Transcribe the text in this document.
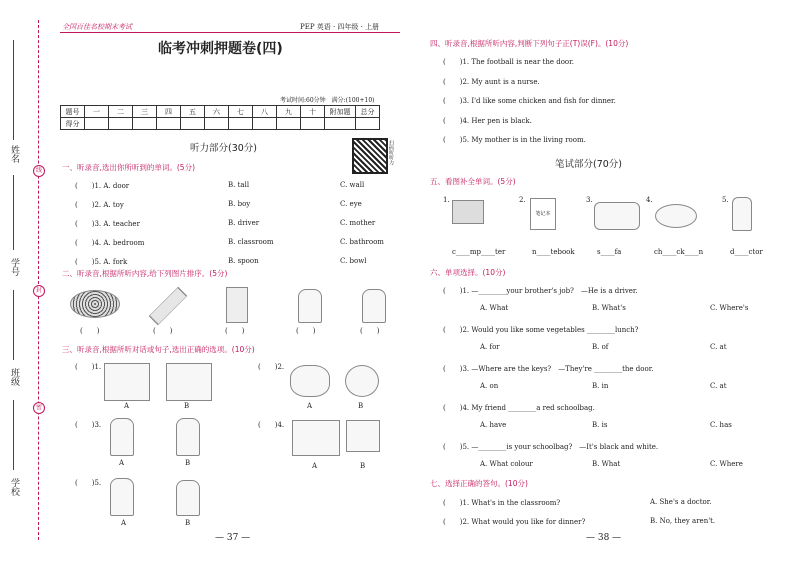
姓名
学号
班级
学校
线
封
密
全国百佳名校期末考试	PEP 英语 · 四年级 · 上册
临考冲刺押题卷(四)
考试时间:60分钟　满分:(100+10)
题号	一	二	三	四	五	六	七	八	九	十	附加题	总分
得分												
扫码听听力
听力部分(30分)
一、听录音,选出你所听到的单词。(5分)
(　　)1. A. door	B. tall	C. wall
(　　)2. A. toy	B. boy	C. eye
(　　)3. A. teacher	B. driver	C. mother
(　　)4. A. bedroom	B. classroom	C. bathroom
(　　)5. A. fork	B. spoon	C. bowl
二、听录音,根据所听内容,给下列图片排序。(5分)
(　　)	(　　)	(　　)	(　　)	(　　)
三、听录音,根据所听对话或句子,选出正确的选项。(10分)
(　　)1.
A	B
(　　)2.
A	B
(　　)3.
A	B
(　　)4.
A	B
(　　)5.
A	B
— 37 —
四、听录音,根据所听内容,判断下列句子正(T)误(F)。(10分)
(　　)1. The football is near the door.
(　　)2. My aunt is a nurse.
(　　)3. I'd like some chicken and fish for dinner.
(　　)4. Her pen is black.
(　　)5. My mother is in the living room.
笔试部分(70分)
五、看图补全单词。(5分)
1.	2.
笔记本
3.	4.	5.
c____mp____ter	n____tebook	s____fa	ch____ck____n	d____ctor
六、单项选择。(10分)
(　　)1. —________your brother's job?　—He is a driver.
A. What	B. What's	C. Where's
(　　)2. Would you like some vegetables ________lunch?
A. for	B. of	C. at
(　　)3. —Where are the keys?　—They're ________the door.
A. on	B. in	C. at
(　　)4. My friend ________a red schoolbag.
A. have	B. is	C. has
(　　)5. —________is your schoolbag?　—It's black and white.
A. What colour	B. What	C. Where
七、选择正确的答句。(10分)
(　　)1. What's in the classroom?	A. She's a doctor.
(　　)2. What would you like for dinner?	B. No, they aren't.
— 38 —
